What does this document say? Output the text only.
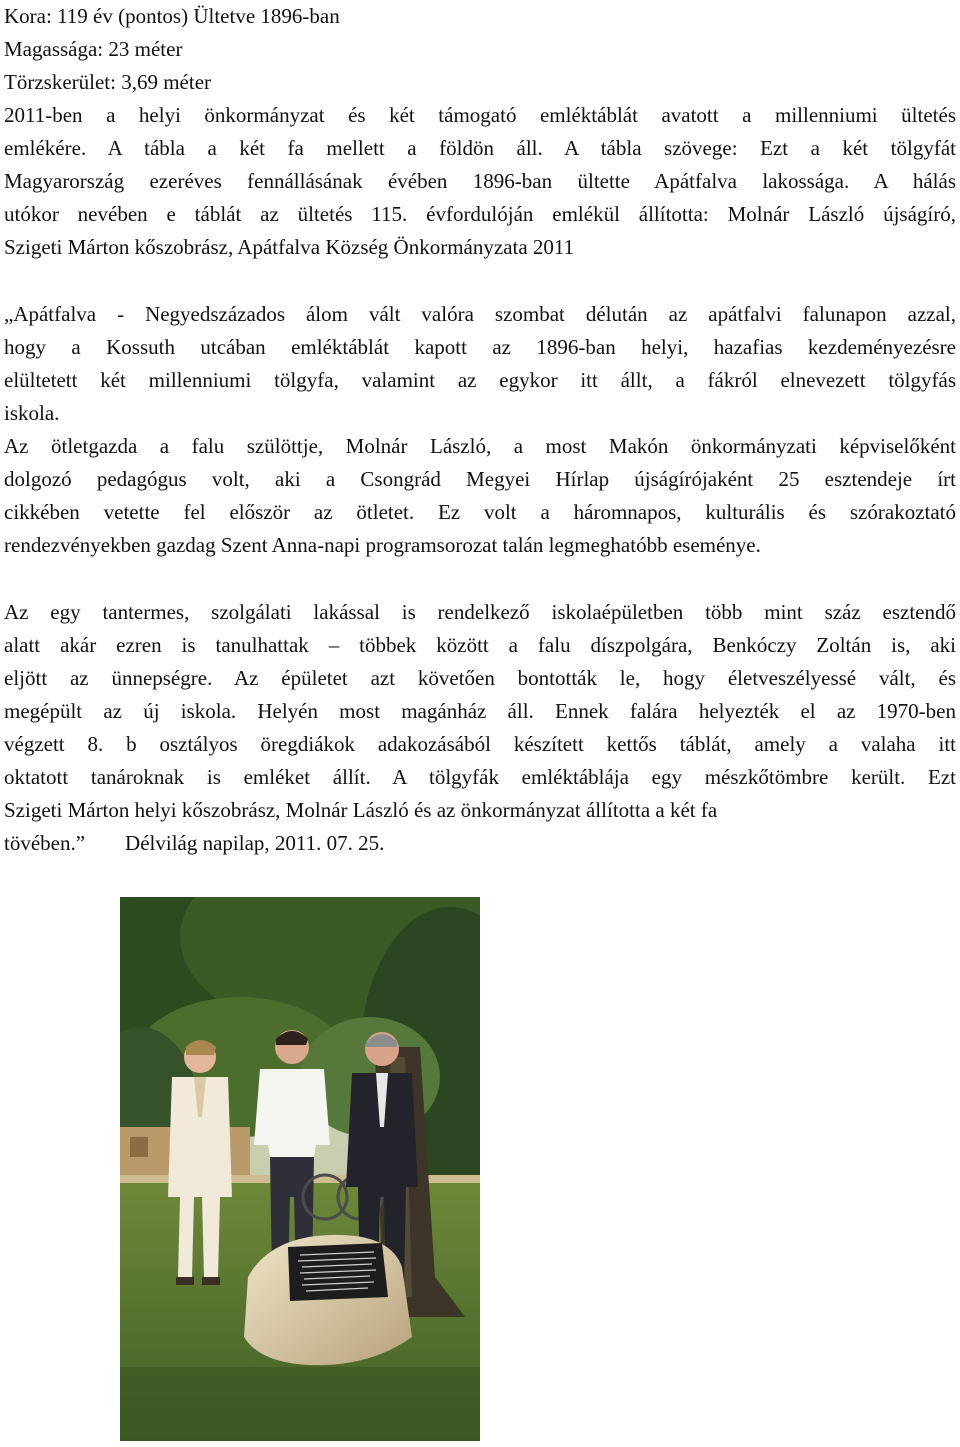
Kora: 119 év (pontos) Ültetve 1896-ban
Magassága: 23 méter
Törzskerület: 3,69 méter
2011-ben a helyi önkormányzat és két támogató emléktáblát avatott a millenniumi ültetés
emlékére. A tábla a két fa mellett a földön áll. A tábla szövege: Ezt a két tölgyfát
Magyarország ezeréves fennállásának évében 1896-ban ültette Apátfalva lakossága. A hálás
utókor nevében e táblát az ültetés 115. évfordulóján emlékül állította: Molnár László újságíró,
Szigeti Márton kőszobrász, Apátfalva Község Önkormányzata 2011
„Apátfalva - Negyedszázados álom vált valóra szombat délután az apátfalvi falunapon azzal,
hogy a Kossuth utcában emléktáblát kapott az 1896-ban helyi, hazafias kezdeményezésre
elültetett két millenniumi tölgyfa, valamint az egykor itt állt, a fákról elnevezett tölgyfás
iskola.
Az ötletgazda a falu szülöttje, Molnár László, a most Makón önkormányzati képviselőként
dolgozó pedagógus volt, aki a Csongrád Megyei Hírlap újságírójaként 25 esztendeje írt
cikkében vetette fel először az ötletet. Ez volt a háromnapos, kulturális és szórakoztató
rendezvényekben gazdag Szent Anna-napi programsorozat talán legmeghatóbb eseménye.
Az egy tantermes, szolgálati lakással is rendelkező iskolaépületben több mint száz esztendő
alatt akár ezren is tanulhattak – többek között a falu díszpolgára, Benkóczy Zoltán is, aki
eljött az ünnepségre. Az épületet azt követően bontották le, hogy életveszélyessé vált, és
megépült az új iskola. Helyén most magánház áll. Ennek falára helyezték el az 1970-ben
végzett 8. b osztályos öregdiákok adakozásából készített kettős táblát, amely a valaha itt
oktatott tanároknak is emléket állít. A tölgyfák emléktáblája egy mészkőtömbre került. Ezt
Szigeti Márton helyi kőszobrász, Molnár László és az önkormányzat állította a két fa
tövében.” Délvilág napilap, 2011. 07. 25.
